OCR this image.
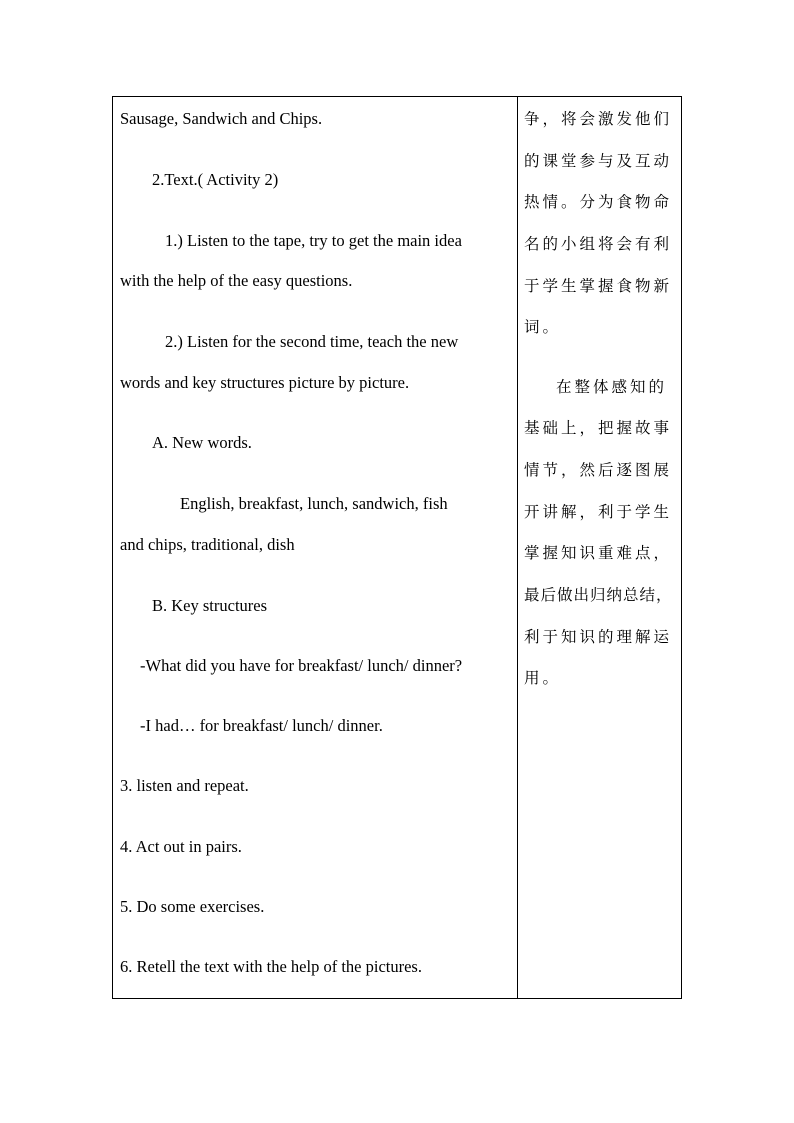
Sausage, Sandwich and Chips.

2.Text.( Activity 2)

1.) Listen to the tape, try to get the main idea

with the help of the easy questions.

2.) Listen for the second time, teach the new

words and key structures picture by picture.

A. New words.

English, breakfast, lunch, sandwich, fish

and chips, traditional, dish

B. Key structures

-What did you have for breakfast/ lunch/ dinner?

-I had… for breakfast/ lunch/ dinner.

3. listen and repeat.

4. Act out in pairs.

5. Do some exercises.

6. Retell the text with the help of the pictures.

争，将会激发他们

的课堂参与及互动

热情。分为食物命

名的小组将会有利

于学生掌握食物新

词。

在整体感知的

基础上，把握故事

情节，然后逐图展

开讲解，利于学生

掌握知识重难点，

最后做出归纳总结，

利于知识的理解运

用。
